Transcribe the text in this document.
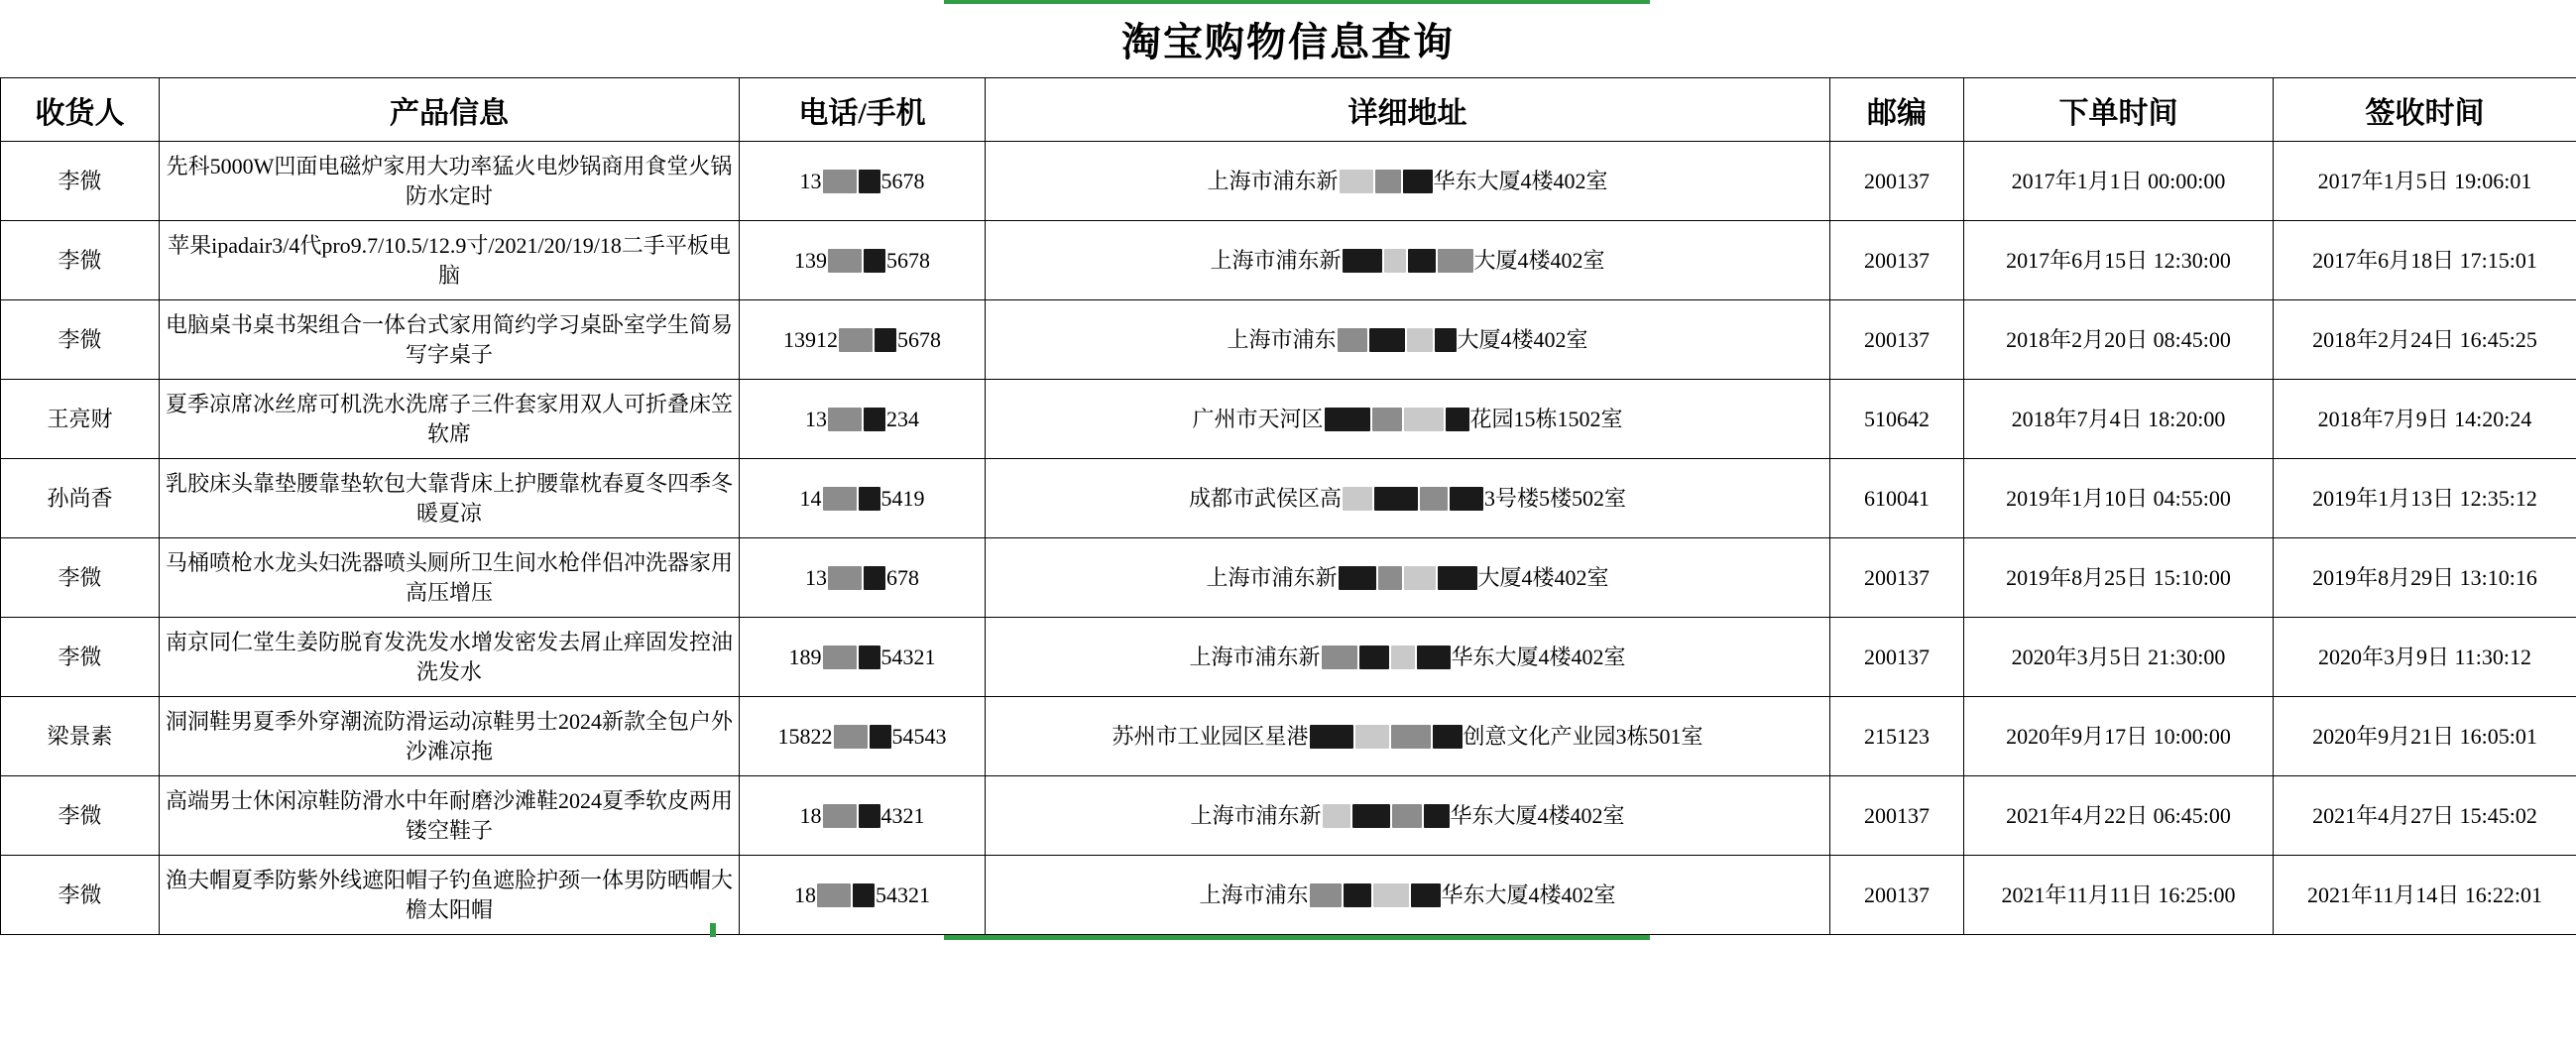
淘宝购物信息查询
收货人	产品信息	电话/手机	详细地址	邮编	下单时间	签收时间
李微	先科5000W凹面电磁炉家用大功率猛火电炒锅商用食堂火锅防水定时	13 5678	上海市浦东新 华东大厦4楼402室	200137	2017年1月1日 00:00:00	2017年1月5日 19:06:01
李微	苹果ipadair3/4代pro9.7/10.5/12.9寸/2021/20/19/18二手平板电脑	139 5678	上海市浦东新 大厦4楼402室	200137	2017年6月15日 12:30:00	2017年6月18日 17:15:01
李微	电脑桌书桌书架组合一体台式家用简约学习桌卧室学生简易写字桌子	13912 5678	上海市浦东 大厦4楼402室	200137	2018年2月20日 08:45:00	2018年2月24日 16:45:25
王亮财	夏季凉席冰丝席可机洗水洗席子三件套家用双人可折叠床笠软席	13 234	广州市天河区 花园15栋1502室	510642	2018年7月4日 18:20:00	2018年7月9日 14:20:24
孙尚香	乳胶床头靠垫腰靠垫软包大靠背床上护腰靠枕春夏冬四季冬暖夏凉	14 5419	成都市武侯区高 3号楼5楼502室	610041	2019年1月10日 04:55:00	2019年1月13日 12:35:12
李微	马桶喷枪水龙头妇洗器喷头厕所卫生间水枪伴侣冲洗器家用高压增压	13 678	上海市浦东新 大厦4楼402室	200137	2019年8月25日 15:10:00	2019年8月29日 13:10:16
李微	南京同仁堂生姜防脱育发洗发水增发密发去屑止痒固发控油洗发水	189 54321	上海市浦东新 华东大厦4楼402室	200137	2020年3月5日 21:30:00	2020年3月9日 11:30:12
梁景素	洞洞鞋男夏季外穿潮流防滑运动凉鞋男士2024新款全包户外沙滩凉拖	15822 54543	苏州市工业园区星港 创意文化产业园3栋501室	215123	2020年9月17日 10:00:00	2020年9月21日 16:05:01
李微	高端男士休闲凉鞋防滑水中年耐磨沙滩鞋2024夏季软皮两用镂空鞋子	18 4321	上海市浦东新 华东大厦4楼402室	200137	2021年4月22日 06:45:00	2021年4月27日 15:45:02
李微	渔夫帽夏季防紫外线遮阳帽子钓鱼遮脸护颈一体男防晒帽大檐太阳帽	18 54321	上海市浦东 华东大厦4楼402室	200137	2021年11月11日 16:25:00	2021年11月14日 16:22:01
